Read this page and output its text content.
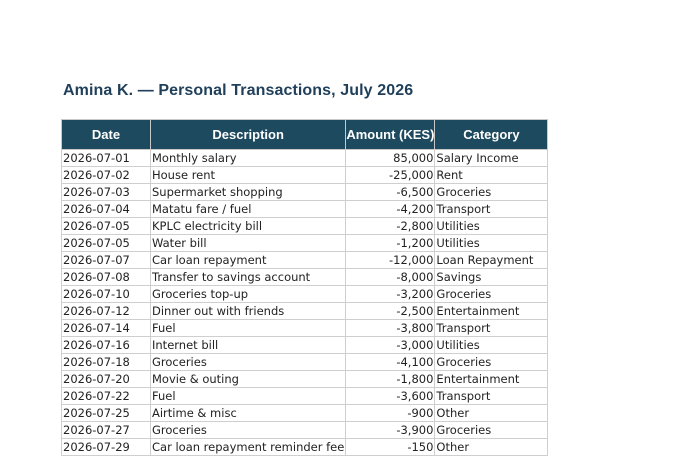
Amina K. — Personal Transactions, July 2026
Date	Description	Amount (KES)	Category
2026-07-01	Monthly salary	85,000	Salary Income
2026-07-02	House rent	-25,000	Rent
2026-07-03	Supermarket shopping	-6,500	Groceries
2026-07-04	Matatu fare / fuel	-4,200	Transport
2026-07-05	KPLC electricity bill	-2,800	Utilities
2026-07-05	Water bill	-1,200	Utilities
2026-07-07	Car loan repayment	-12,000	Loan Repayment
2026-07-08	Transfer to savings account	-8,000	Savings
2026-07-10	Groceries top-up	-3,200	Groceries
2026-07-12	Dinner out with friends	-2,500	Entertainment
2026-07-14	Fuel	-3,800	Transport
2026-07-16	Internet bill	-3,000	Utilities
2026-07-18	Groceries	-4,100	Groceries
2026-07-20	Movie & outing	-1,800	Entertainment
2026-07-22	Fuel	-3,600	Transport
2026-07-25	Airtime & misc	-900	Other
2026-07-27	Groceries	-3,900	Groceries
2026-07-29	Car loan repayment reminder fee	-150	Other
